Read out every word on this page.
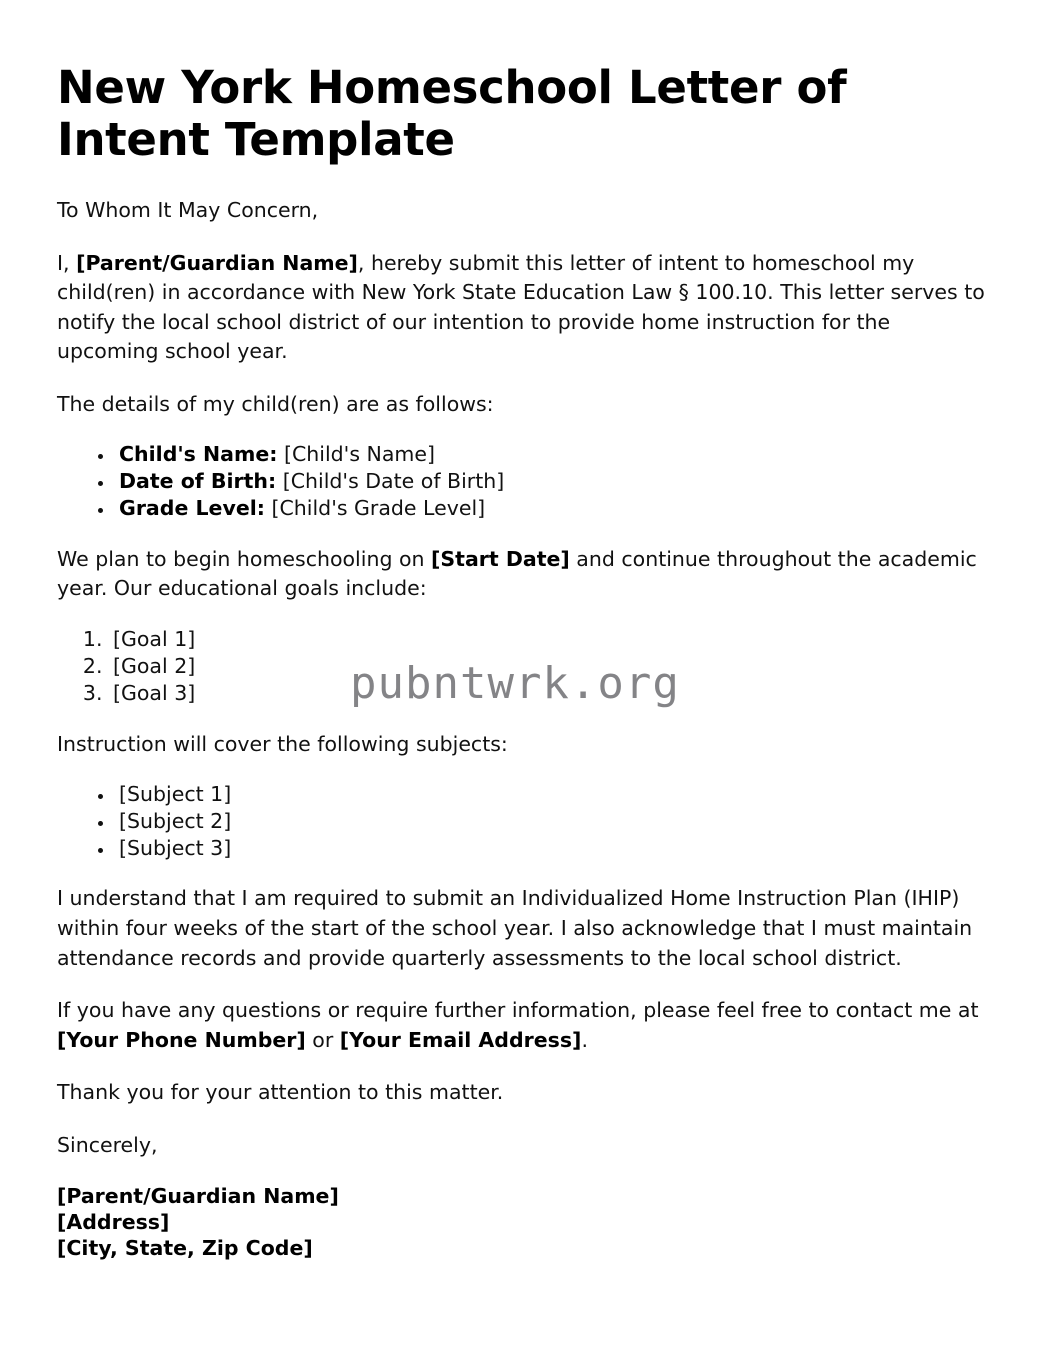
New York Homeschool Letter of Intent Template

To Whom It May Concern,

I, [Parent/Guardian Name], hereby submit this letter of intent to homeschool my child(ren) in accordance with New York State Education Law § 100.10. This letter serves to notify the local school district of our intention to provide home instruction for the upcoming school year.

The details of my child(ren) are as follows:

• Child's Name: [Child's Name]
• Date of Birth: [Child's Date of Birth]
• Grade Level: [Child's Grade Level]

We plan to begin homeschooling on [Start Date] and continue throughout the academic year. Our educational goals include:

1. [Goal 1]
2. [Goal 2]
3. [Goal 3]

Instruction will cover the following subjects:

• [Subject 1]
• [Subject 2]
• [Subject 3]

I understand that I am required to submit an Individualized Home Instruction Plan (IHIP) within four weeks of the start of the school year. I also acknowledge that I must maintain attendance records and provide quarterly assessments to the local school district.

If you have any questions or require further information, please feel free to contact me at [Your Phone Number] or [Your Email Address].

Thank you for your attention to this matter.

Sincerely,

[Parent/Guardian Name]
[Address]
[City, State, Zip Code]
pubntwrk.org
